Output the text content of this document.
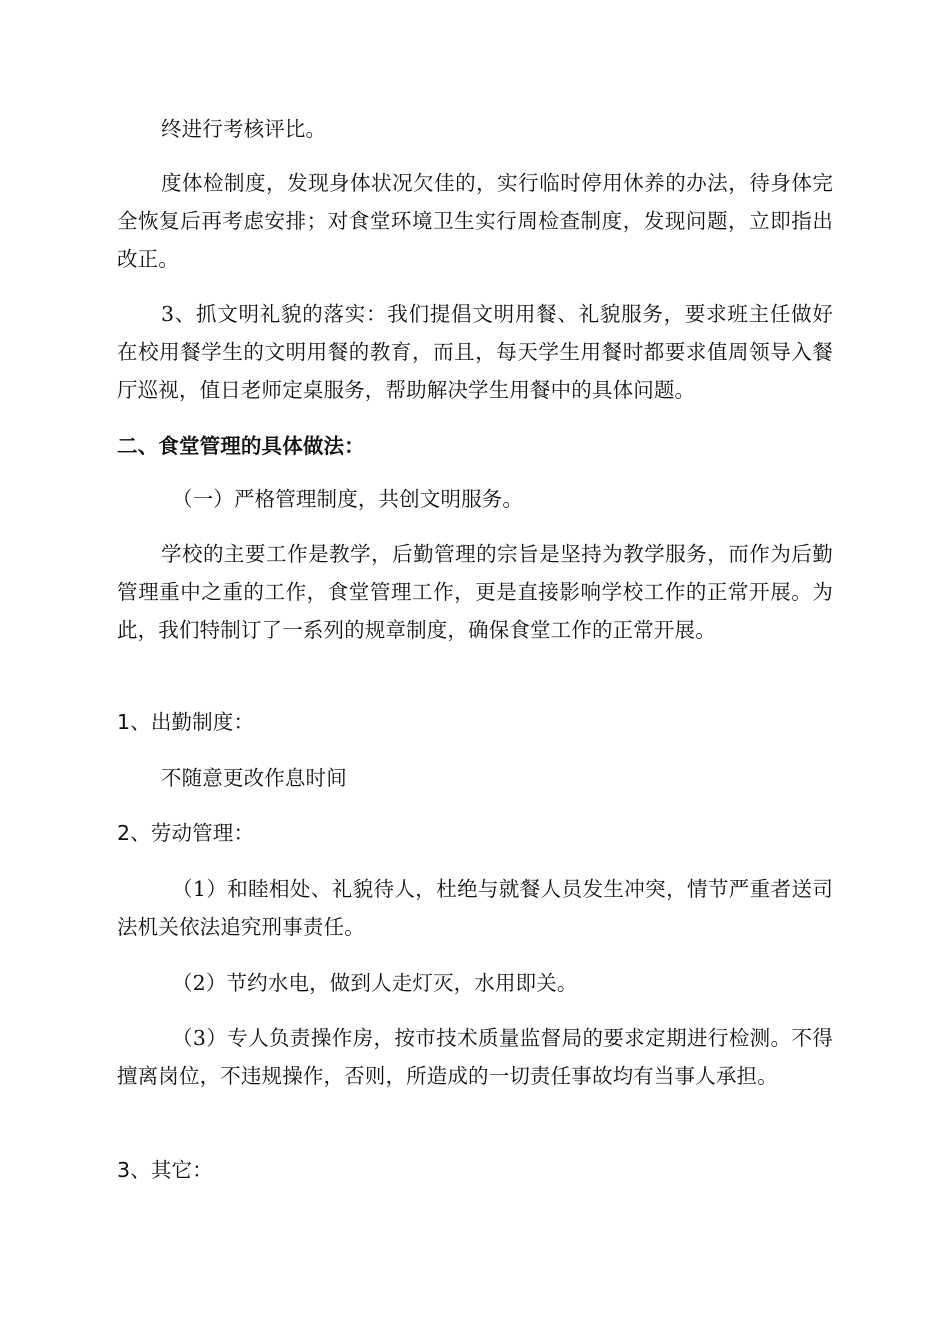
终进行考核评比。

度体检制度，发现身体状况欠佳的，实行临时停用休养的办法，待身体完全恢复后再考虑安排；对食堂环境卫生实行周检查制度，发现问题，立即指出改正。

3、抓文明礼貌的落实：我们提倡文明用餐、礼貌服务，要求班主任做好在校用餐学生的文明用餐的教育，而且，每天学生用餐时都要求值周领导入餐厅巡视，值日老师定桌服务，帮助解决学生用餐中的具体问题。

二、食堂管理的具体做法：

（一）严格管理制度，共创文明服务。

学校的主要工作是教学，后勤管理的宗旨是坚持为教学服务，而作为后勤管理重中之重的工作，食堂管理工作，更是直接影响学校工作的正常开展。为此，我们特制订了一系列的规章制度，确保食堂工作的正常开展。

1、出勤制度：

不随意更改作息时间

2、劳动管理：

（1）和睦相处、礼貌待人，杜绝与就餐人员发生冲突，情节严重者送司法机关依法追究刑事责任。

（2）节约水电，做到人走灯灭，水用即关。

（3）专人负责操作房，按市技术质量监督局的要求定期进行检测。不得擅离岗位，不违规操作，否则，所造成的一切责任事故均有当事人承担。

3、其它：
